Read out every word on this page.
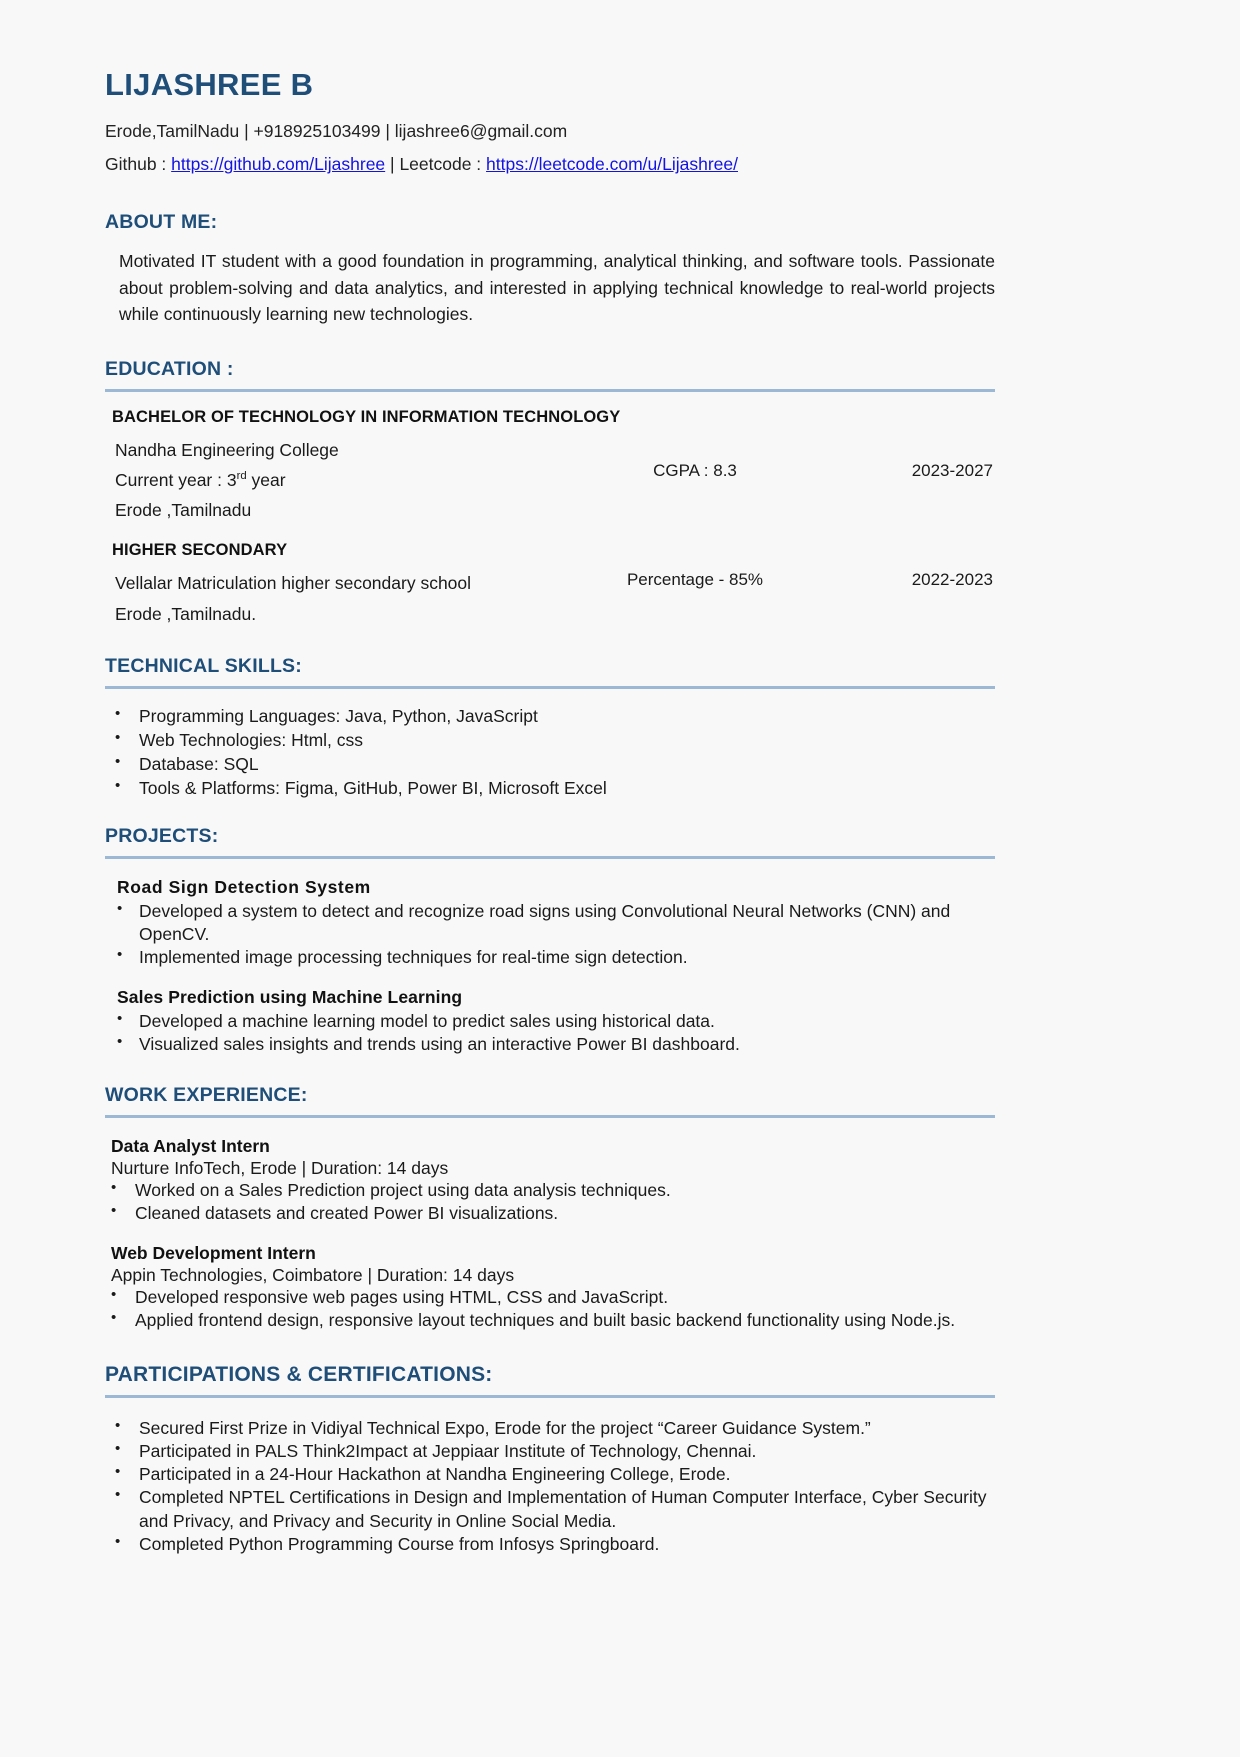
LIJASHREE B
Erode,TamilNadu | +918925103499 | lijashree6@gmail.com
Github : https://github.com/Lijashree | Leetcode : https://leetcode.com/u/Lijashree/
ABOUT ME:

Motivated IT student with a good foundation in programming, analytical thinking, and software tools. Passionate about problem-solving and data analytics, and interested in applying technical knowledge to real-world projects while continuously learning new technologies.

EDUCATION :
BACHELOR OF TECHNOLOGY IN INFORMATION TECHNOLOGY
Nandha Engineering College
Current year : 3rd year
Erode ,Tamilnadu
CGPA : 8.3	2023-2027
HIGHER SECONDARY
Vellalar Matriculation higher secondary school
Erode ,Tamilnadu.
Percentage - 85%	2022-2023
TECHNICAL SKILLS:
• Programming Languages: Java, Python, JavaScript
• Web Technologies: Html, css
• Database: SQL
• Tools & Platforms: Figma, GitHub, Power BI, Microsoft Excel
PROJECTS:
Road Sign Detection System
• Developed a system to detect and recognize road signs using Convolutional Neural Networks (CNN) and OpenCV.
• Implemented image processing techniques for real-time sign detection.
Sales Prediction using Machine Learning
• Developed a machine learning model to predict sales using historical data.
• Visualized sales insights and trends using an interactive Power BI dashboard.
WORK EXPERIENCE:
Data Analyst Intern
Nurture InfoTech, Erode | Duration: 14 days
• Worked on a Sales Prediction project using data analysis techniques.
• Cleaned datasets and created Power BI visualizations.
Web Development Intern
Appin Technologies, Coimbatore | Duration: 14 days
• Developed responsive web pages using HTML, CSS and JavaScript.
• Applied frontend design, responsive layout techniques and built basic backend functionality using Node.js.
PARTICIPATIONS & CERTIFICATIONS:
• Secured First Prize in Vidiyal Technical Expo, Erode for the project “Career Guidance System.”
• Participated in PALS Think2Impact at Jeppiaar Institute of Technology, Chennai.
• Participated in a 24-Hour Hackathon at Nandha Engineering College, Erode.
• Completed NPTEL Certifications in Design and Implementation of Human Computer Interface, Cyber Security and Privacy, and Privacy and Security in Online Social Media.
• Completed Python Programming Course from Infosys Springboard.
